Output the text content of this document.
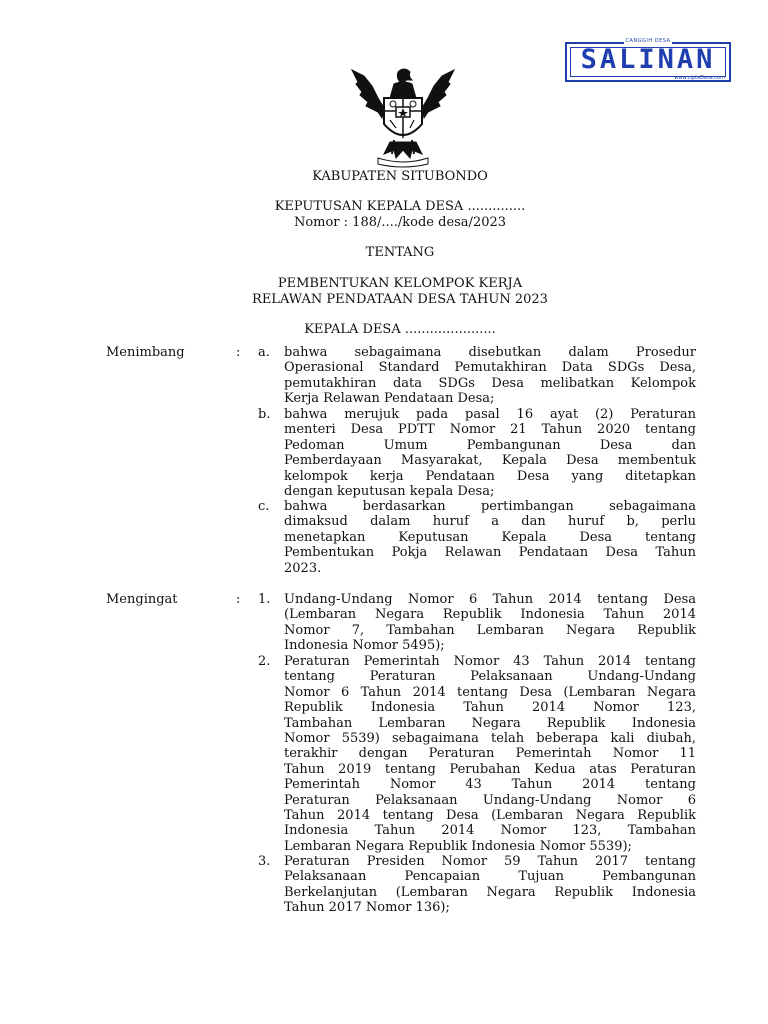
CANGGIH DESA
SALINAN
www.ciptaDesa.com
KABUPATEN SITUBONDO
KEPUTUSAN KEPALA DESA ..............
Nomor : 188/..../kode desa/2023
TENTANG
PEMBENTUKAN KELOMPOK KERJA
RELAWAN PENDATAAN DESA TAHUN 2023
KEPALA DESA ......................
Menimbang	: a. bahwa sebagaimana disebutkan dalam Prosedur
Operasional Standard Pemutakhiran Data SDGs Desa,
pemutakhiran data SDGs Desa melibatkan Kelompok
Kerja Relawan Pendataan Desa;
b. bahwa merujuk pada pasal 16 ayat (2) Peraturan
menteri Desa PDTT Nomor 21 Tahun 2020 tentang
Pedoman Umum Pembangunan Desa dan
Pemberdayaan Masyarakat, Kepala Desa membentuk
kelompok kerja Pendataan Desa yang ditetapkan
dengan keputusan kepala Desa;
c. bahwa berdasarkan pertimbangan sebagaimana
dimaksud dalam huruf a dan huruf b, perlu
menetapkan Keputusan Kepala Desa tentang
Pembentukan Pokja Relawan Pendataan Desa Tahun
2023.
Mengingat	: 1. Undang-Undang Nomor 6 Tahun 2014 tentang Desa
(Lembaran Negara Republik Indonesia Tahun 2014
Nomor 7, Tambahan Lembaran Negara Republik
Indonesia Nomor 5495);
2. Peraturan Pemerintah Nomor 43 Tahun 2014 tentang
tentang Peraturan Pelaksanaan Undang-Undang
Nomor 6 Tahun 2014 tentang Desa (Lembaran Negara
Republik Indonesia Tahun 2014 Nomor 123,
Tambahan Lembaran Negara Republik Indonesia
Nomor 5539) sebagaimana telah beberapa kali diubah,
terakhir dengan Peraturan Pemerintah Nomor 11
Tahun 2019 tentang Perubahan Kedua atas Peraturan
Pemerintah Nomor 43 Tahun 2014 tentang
Peraturan Pelaksanaan Undang-Undang Nomor 6
Tahun 2014 tentang Desa (Lembaran Negara Republik
Indonesia Tahun 2014 Nomor 123, Tambahan
Lembaran Negara Republik Indonesia Nomor 5539);
3. Peraturan Presiden Nomor 59 Tahun 2017 tentang
Pelaksanaan Pencapaian Tujuan Pembangunan
Berkelanjutan (Lembaran Negara Republik Indonesia
Tahun 2017 Nomor 136);
